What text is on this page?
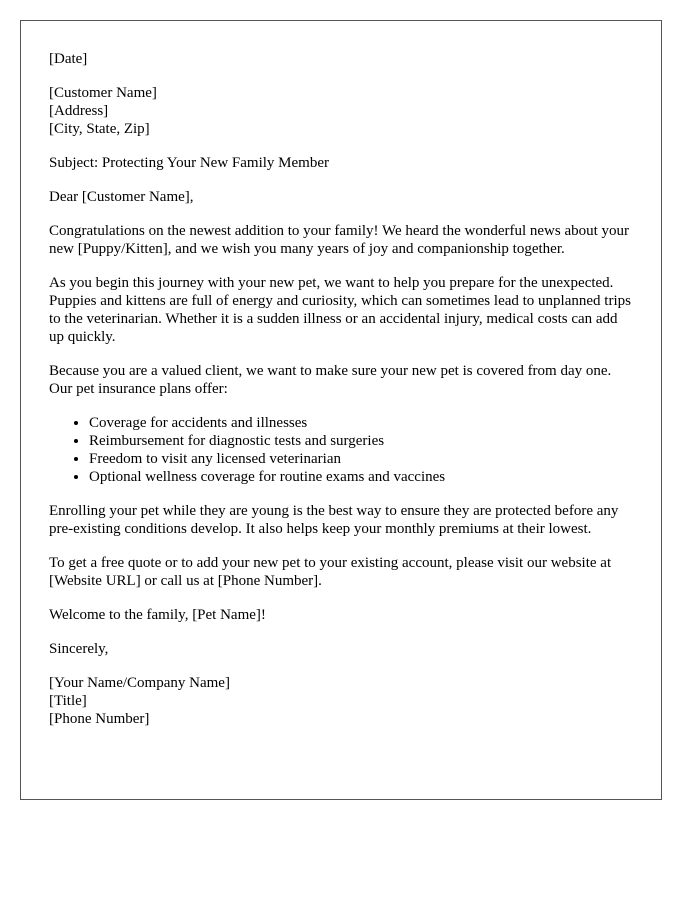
[Date]
[Customer Name]
[Address]
[City, State, Zip]
Subject: Protecting Your New Family Member
Dear [Customer Name],

Congratulations on the newest addition to your family! We heard the wonderful news about your new [Puppy/Kitten], and we wish you many years of joy and companionship together.

As you begin this journey with your new pet, we want to help you prepare for the unexpected. Puppies and kittens are full of energy and curiosity, which can sometimes lead to unplanned trips to the veterinarian. Whether it is a sudden illness or an accidental injury, medical costs can add up quickly.

Because you are a valued client, we want to make sure your new pet is covered from day one. Our pet insurance plans offer:

• Coverage for accidents and illnesses
• Reimbursement for diagnostic tests and surgeries
• Freedom to visit any licensed veterinarian
• Optional wellness coverage for routine exams and vaccines

Enrolling your pet while they are young is the best way to ensure they are protected before any pre-existing conditions develop. It also helps keep your monthly premiums at their lowest.

To get a free quote or to add your new pet to your existing account, please visit our website at [Website URL] or call us at [Phone Number].

Welcome to the family, [Pet Name]!

Sincerely,
[Your Name/Company Name]
[Title]
[Phone Number]
